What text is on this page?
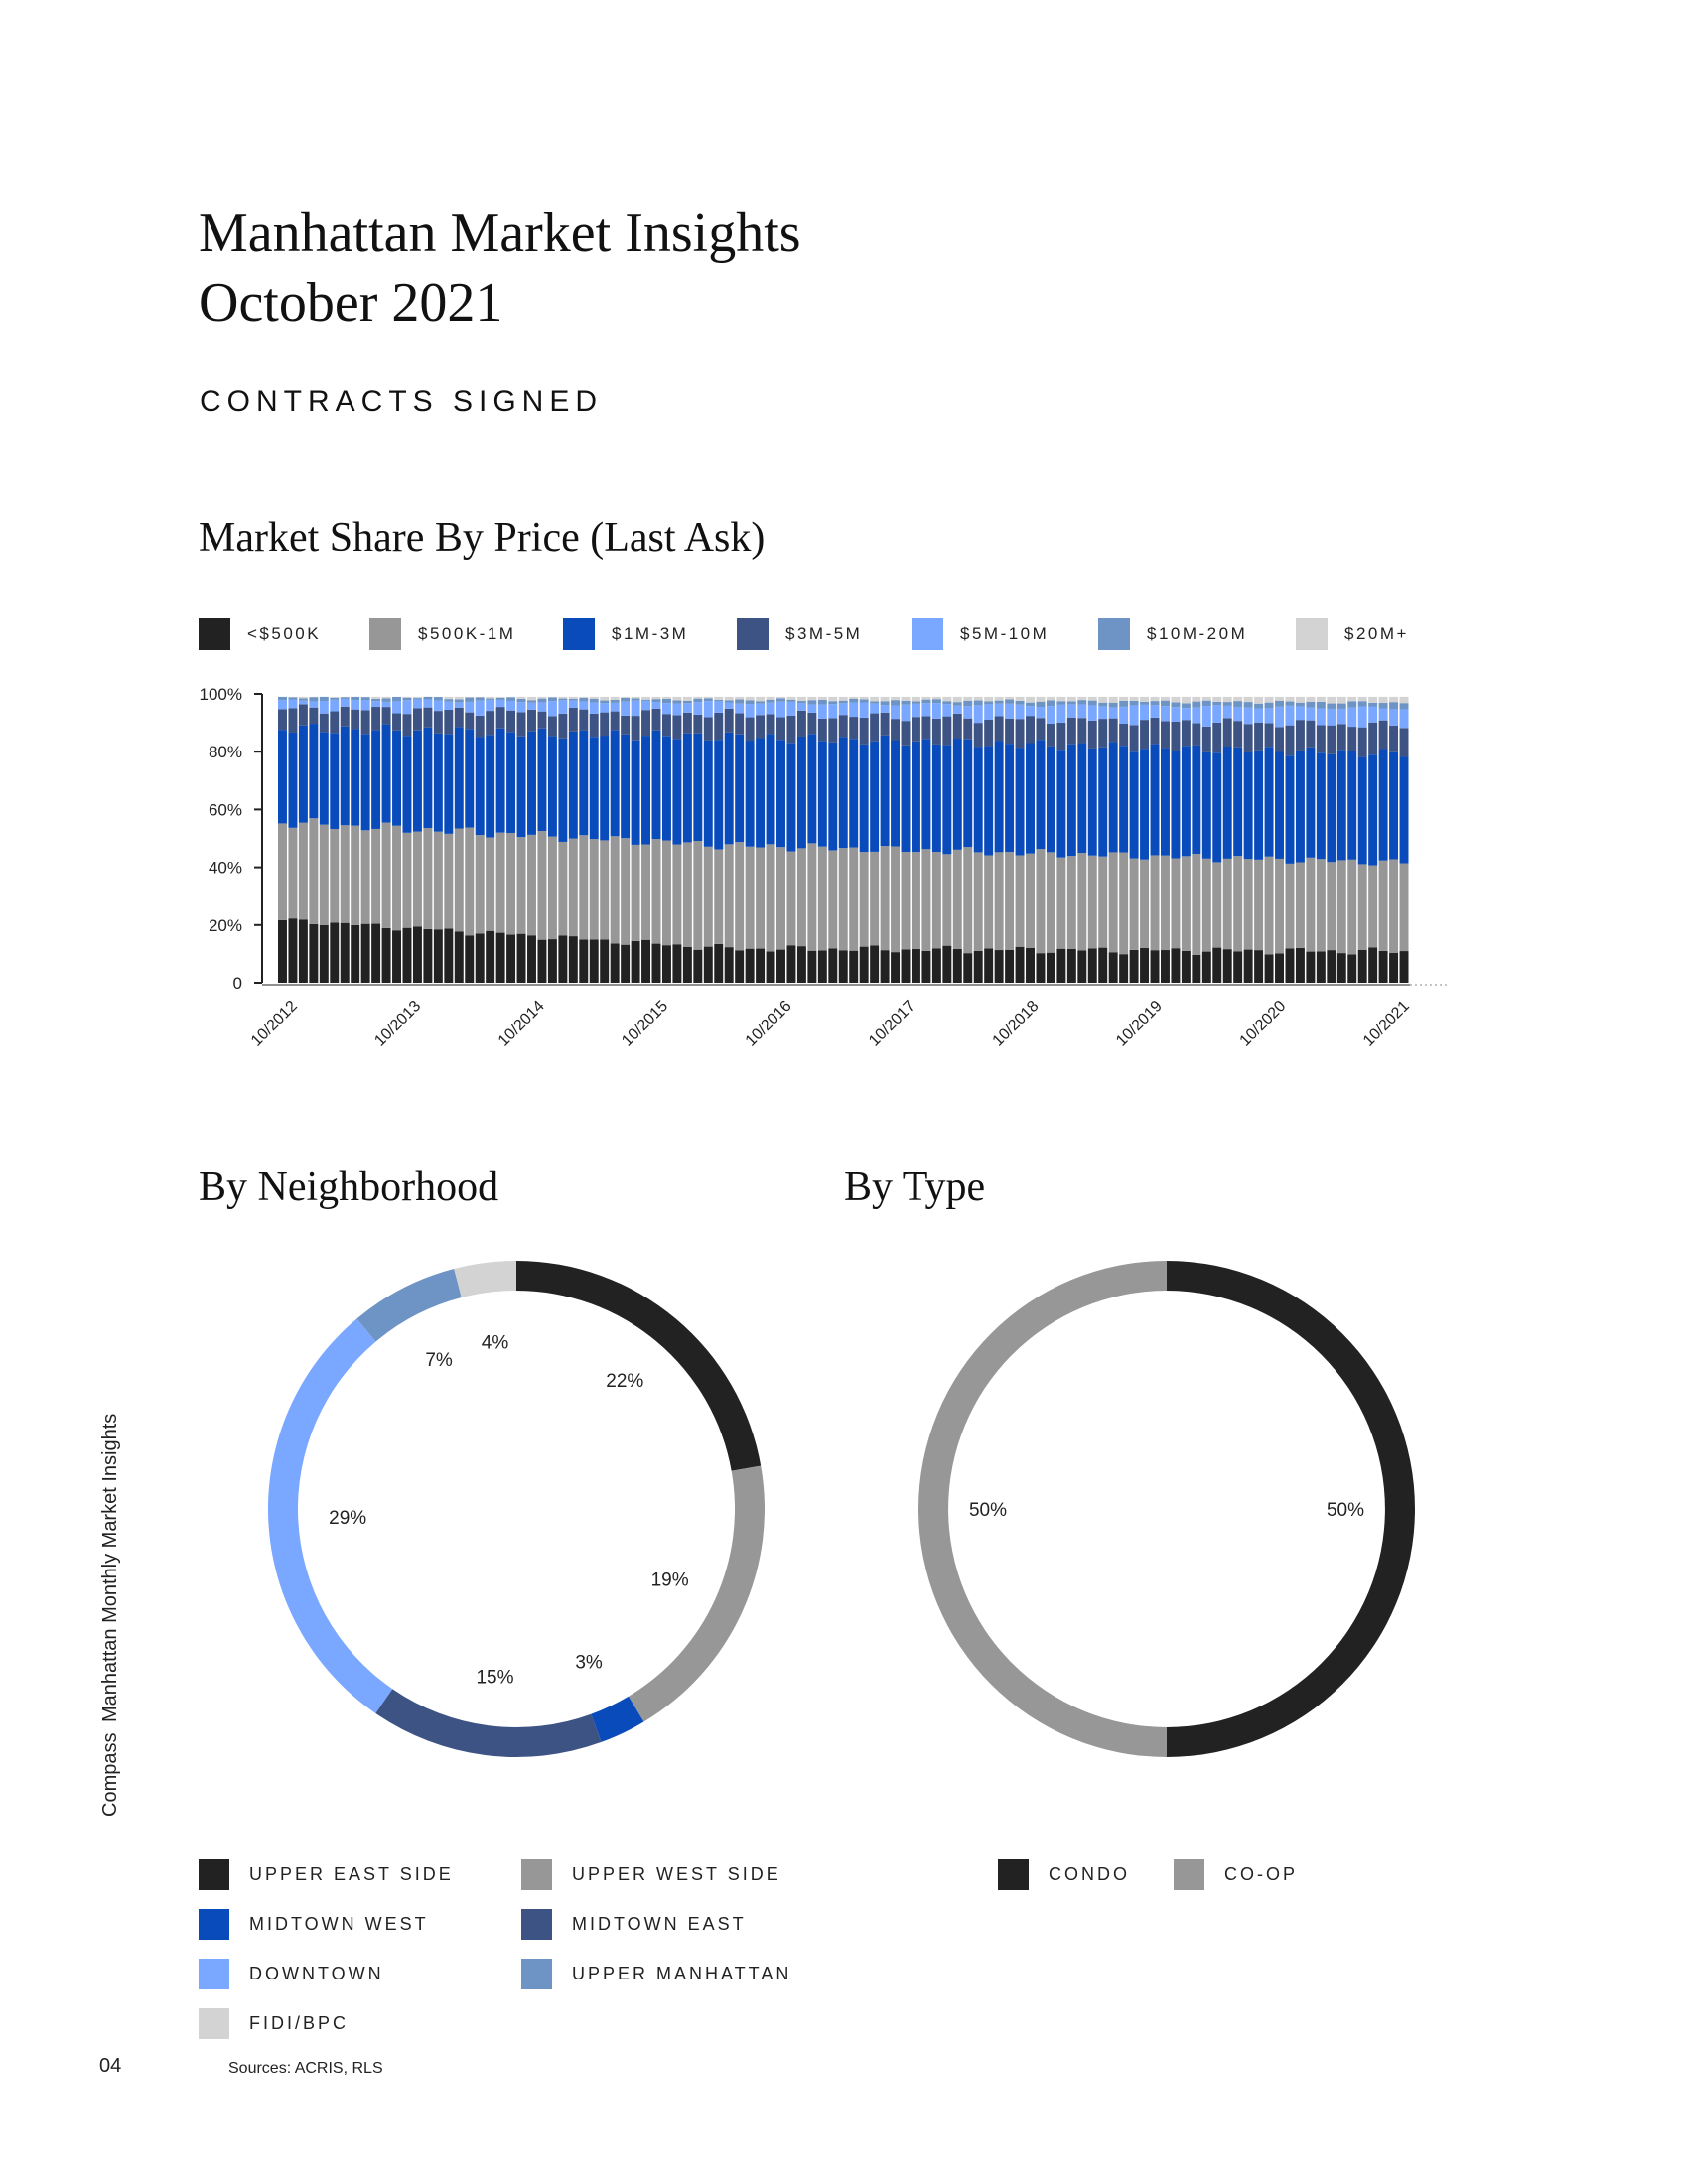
Manhattan Market Insights
October 2021
CONTRACTS SIGNED
Market Share By Price (Last Ask)
<$500K	$500K-1M	$1M-3M	$3M-5M	$5M-10M	$10M-20M	$20M+
0
20%
40%
60%
80%
100%
10/2012	10/2013	10/2014	10/2015	10/2016	10/2017	10/2018	10/2019	10/2020	10/2021
By Neighborhood	By Type
22%
19%
3%
15%
29%
7%
4%
50%
50%
UPPER EAST SIDE	UPPER WEST SIDE
MIDTOWN WEST	MIDTOWN EAST
DOWNTOWN	UPPER MANHATTAN
FIDI/BPC
CONDO	CO-OP
Manhattan Monthly Market Insights
Compass
04	Sources: ACRIS, RLS
